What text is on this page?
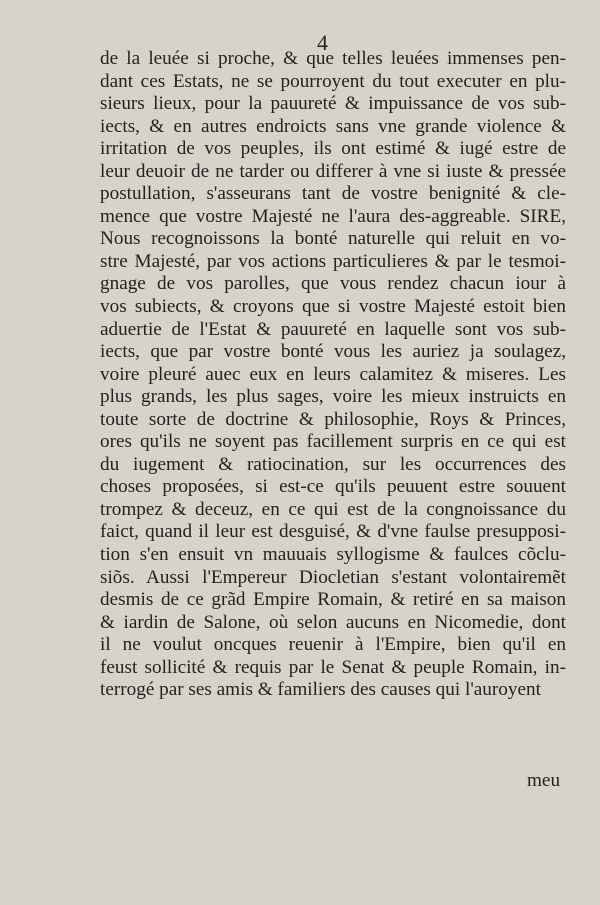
4
de la leuée si proche, & que telles leuées immenses pen-
dant ces Estats, ne se pourroyent du tout executer en plu-
sieurs lieux, pour la pauureté & impuissance de vos sub-
iects, & en autres endroicts sans vne grande violence &
irritation de vos peuples, ils ont estimé & iugé estre de
leur deuoir de ne tarder ou differer à vne si iuste & pressée
postullation, s'asseurans tant de vostre benignité & cle-
mence que vostre Majesté ne l'aura des-aggreable. SIRE,
Nous recognoissons la bonté naturelle qui reluit en vo-
stre Majesté, par vos actions particulieres & par le tesmoi-
gnage de vos parolles, que vous rendez chacun iour à
vos subiects, & croyons que si vostre Majesté estoit bien
aduertie de l'Estat & pauureté en laquelle sont vos sub-
iects, que par vostre bonté vous les auriez ja soulagez,
voire pleuré auec eux en leurs calamitez & miseres. Les
plus grands, les plus sages, voire les mieux instruicts en
toute sorte de doctrine & philosophie, Roys & Princes,
ores qu'ils ne soyent pas facillement surpris en ce qui est
du iugement & ratiocination, sur les occurrences des
choses proposées, si est-ce qu'ils peuuent estre souuent
trompez & deceuz, en ce qui est de la congnoissance du
faict, quand il leur est desguisé, & d'vne faulse presupposi-
tion s'en ensuit vn mauuais syllogisme & faulces cõclu-
siõs. Aussi l'Empereur Diocletian s'estant volontairemẽt
desmis de ce grãd Empire Romain, & retiré en sa maison
& iardin de Salone, où selon aucuns en Nicomedie, dont
il ne voulut oncques reuenir à l'Empire, bien qu'il en
feust sollicité & requis par le Senat & peuple Romain, in-
terrogé par ses amis & familiers des causes qui l'auroyent
meu
